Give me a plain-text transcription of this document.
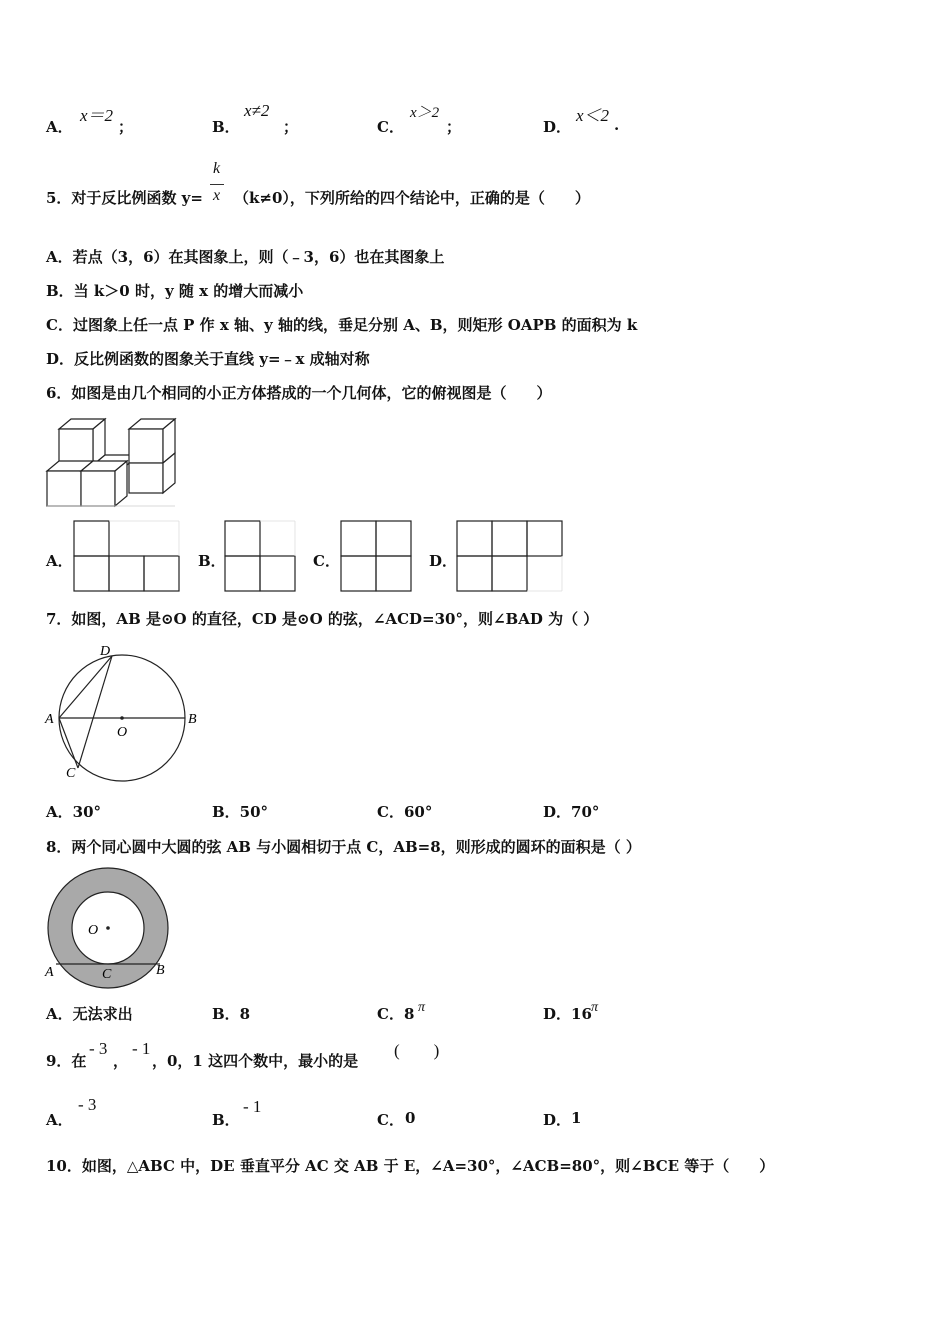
A．
x＝2
；	B．
x≠2
；	C．
x＞2
；	D．
x＜2 .
5．对于反比例函数 y=
k
x （k≠0），下列所给的四个结论中，正确的是（　　）
A．若点（3，6）在其图象上，则（﹣3，6）也在其图象上
B．当 k＞0 时，y 随 x 的增大而减小
C．过图象上任一点 P 作 x 轴、y 轴的线，垂足分别 A、B，则矩形 OAPB 的面积为 k
D．反比例函数的图象关于直线 y=﹣x 成轴对称
6．如图是由几个相同的小正方体搭成的一个几何体，它的俯视图是（　　）
A．	B．	C．	D．
7．如图，AB 是⊙O 的直径，CD 是⊙O 的弦，∠ACD=30°，则∠BAD 为（ ）
A	B
C
D
O
A．30°	B．50°	C．60°	D．70°
8．两个同心圆中大圆的弦 AB 与小圆相切于点 C，AB=8，则形成的圆环的面积是（ ）
A	B
C
O
A．无法求出	B．8	C．8 π	D．16 π
9．在
- 3
，
- 1
，0，1 这四个数中，最小的是
(　　)
A．
- 3
B．
- 1
C． 0	D． 1
10．如图，△ABC 中，DE 垂直平分 AC 交 AB 于 E，∠A=30°，∠ACB=80°，则∠BCE 等于（　　）
